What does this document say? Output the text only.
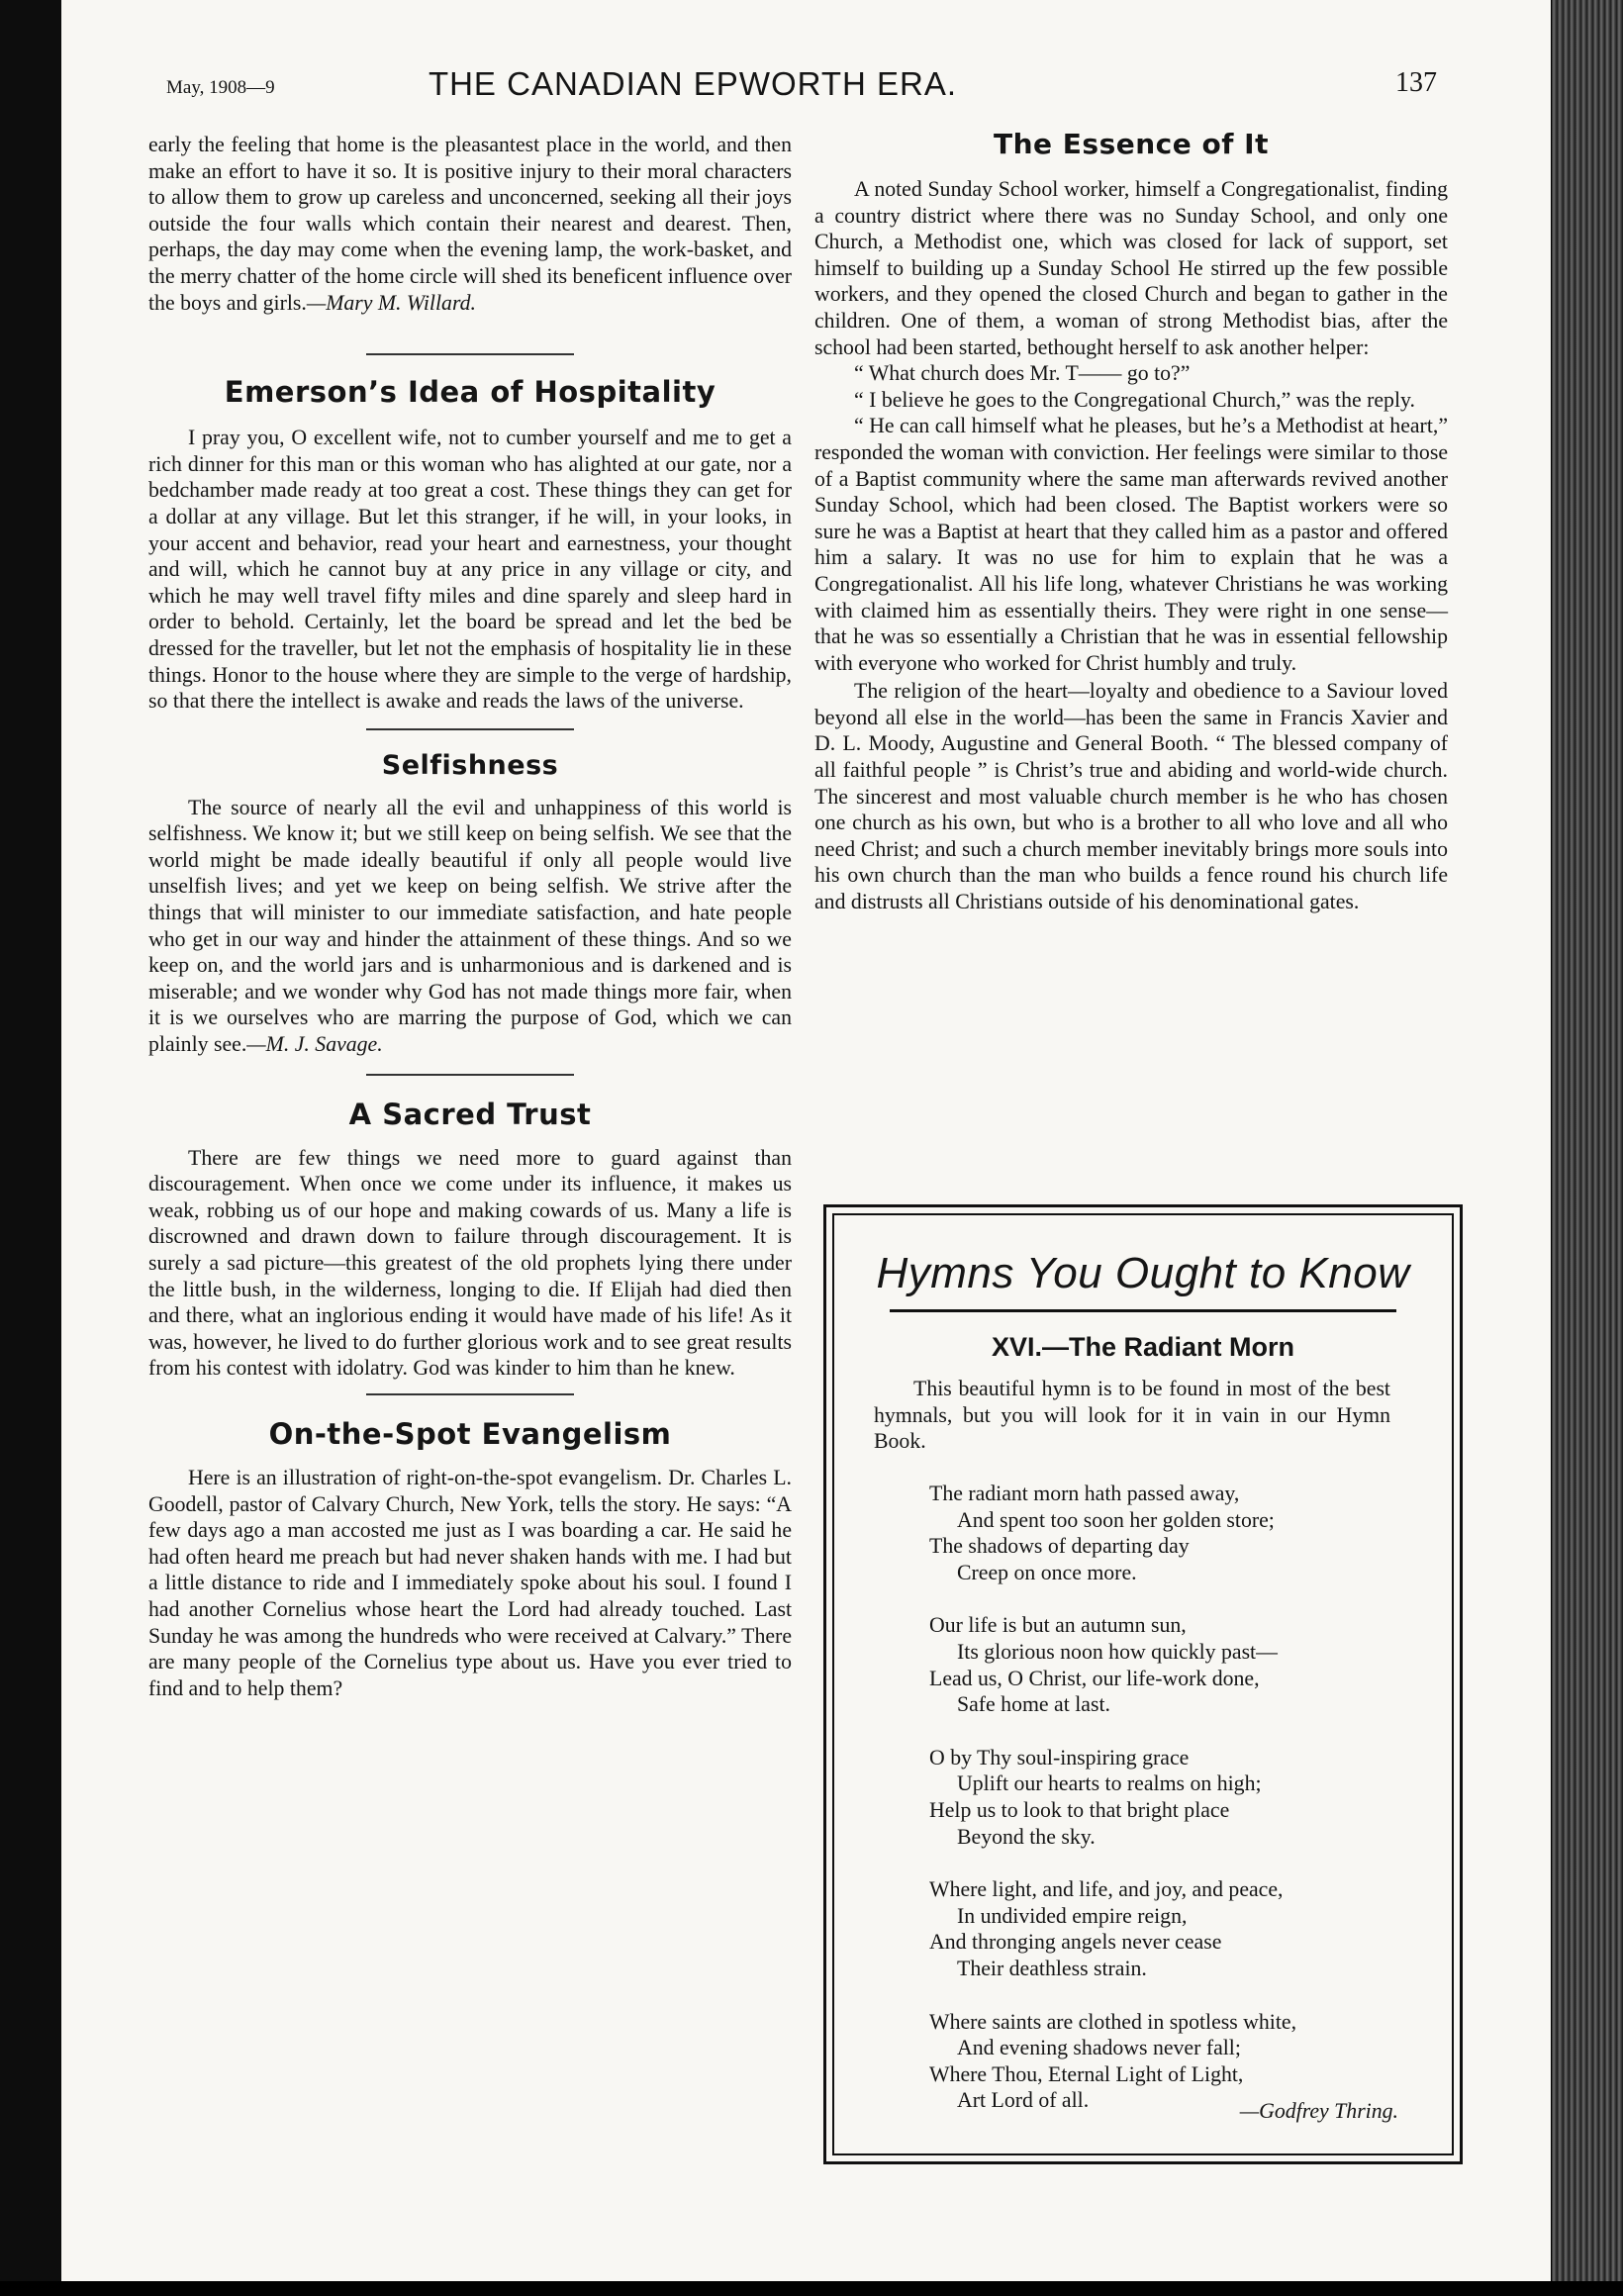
May, 1908—9	THE CANADIAN EPWORTH ERA.	137

early the feeling that home is the pleasantest place in the world, and then make an effort to have it so. It is positive injury to their moral characters to allow them to grow up careless and unconcerned, seeking all their joys outside the four walls which contain their nearest and dearest. Then, perhaps, the day may come when the evening lamp, the work-basket, and the merry chatter of the home circle will shed its beneficent influence over the boys and girls.—Mary M. Willard.

Emerson’s Idea of Hospitality

I pray you, O excellent wife, not to cumber yourself and me to get a rich dinner for this man or this woman who has alighted at our gate, nor a bedchamber made ready at too great a cost. These things they can get for a dollar at any village. But let this stranger, if he will, in your looks, in your accent and behavior, read your heart and earnestness, your thought and will, which he cannot buy at any price in any village or city, and which he may well travel fifty miles and dine sparely and sleep hard in order to behold. Certainly, let the board be spread and let the bed be dressed for the traveller, but let not the emphasis of hospitality lie in these things. Honor to the house where they are simple to the verge of hardship, so that there the intellect is awake and reads the laws of the universe.

Selfishness

The source of nearly all the evil and unhappiness of this world is selfishness. We know it; but we still keep on being selfish. We see that the world might be made ideally beautiful if only all people would live unselfish lives; and yet we keep on being selfish. We strive after the things that will minister to our immediate satisfaction, and hate people who get in our way and hinder the attainment of these things. And so we keep on, and the world jars and is unharmonious and is darkened and is miserable; and we wonder why God has not made things more fair, when it is we ourselves who are marring the purpose of God, which we can plainly see.—M. J. Savage.

A Sacred Trust

There are few things we need more to guard against than discouragement. When once we come under its influence, it makes us weak, robbing us of our hope and making cowards of us. Many a life is discrowned and drawn down to failure through discouragement. It is surely a sad picture—this greatest of the old prophets lying there under the little bush, in the wilderness, longing to die. If Elijah had died then and there, what an inglorious ending it would have made of his life! As it was, however, he lived to do further glorious work and to see great results from his contest with idolatry. God was kinder to him than he knew.

On-the-Spot Evangelism

Here is an illustration of right-on-the-spot evangelism. Dr. Charles L. Goodell, pastor of Calvary Church, New York, tells the story. He says: “A few days ago a man accosted me just as I was boarding a car. He said he had often heard me preach but had never shaken hands with me. I had but a little distance to ride and I immediately spoke about his soul. I found I had another Cornelius whose heart the Lord had already touched. Last Sunday he was among the hundreds who were received at Calvary.” There are many people of the Cornelius type about us. Have you ever tried to find and to help them?

The Essence of It

A noted Sunday School worker, himself a Congregationalist, finding a country district where there was no Sunday School, and only one Church, a Methodist one, which was closed for lack of support, set himself to building up a Sunday School He stirred up the few possible workers, and they opened the closed Church and began to gather in the children. One of them, a woman of strong Methodist bias, after the school had been started, bethought herself to ask another helper:

“ What church does Mr. T—— go to?”

“ I believe he goes to the Congregational Church,” was the reply.

“ He can call himself what he pleases, but he’s a Methodist at heart,” responded the woman with conviction. Her feelings were similar to those of a Baptist community where the same man afterwards revived another Sunday School, which had been closed. The Baptist workers were so sure he was a Baptist at heart that they called him as a pastor and offered him a salary. It was no use for him to explain that he was a Congregationalist. All his life long, whatever Christians he was working with claimed him as essentially theirs. They were right in one sense—that he was so essentially a Christian that he was in essential fellowship with everyone who worked for Christ humbly and truly.

The religion of the heart—loyalty and obedience to a Saviour loved beyond all else in the world—has been the same in Francis Xavier and D. L. Moody, Augustine and General Booth. “ The blessed company of all faithful people ” is Christ’s true and abiding and world-wide church. The sincerest and most valuable church member is he who has chosen one church as his own, but who is a brother to all who love and all who need Christ; and such a church member inevitably brings more souls into his own church than the man who builds a fence round his church life and distrusts all Christians outside of his denominational gates.

Hymns You Ought to Know
XVI.—The Radiant Morn

This beautiful hymn is to be found in most of the best hymnals, but you will look for it in vain in our Hymn Book.

The radiant morn hath passed away,
And spent too soon her golden store;
The shadows of departing day
Creep on once more.
Our life is but an autumn sun,
Its glorious noon how quickly past—
Lead us, O Christ, our life-work done,
Safe home at last.
O by Thy soul-inspiring grace
Uplift our hearts to realms on high;
Help us to look to that bright place
Beyond the sky.
Where light, and life, and joy, and peace,
In undivided empire reign,
And thronging angels never cease
Their deathless strain.
Where saints are clothed in spotless white,
And evening shadows never fall;
Where Thou, Eternal Light of Light,
Art Lord of all.	—Godfrey Thring.
